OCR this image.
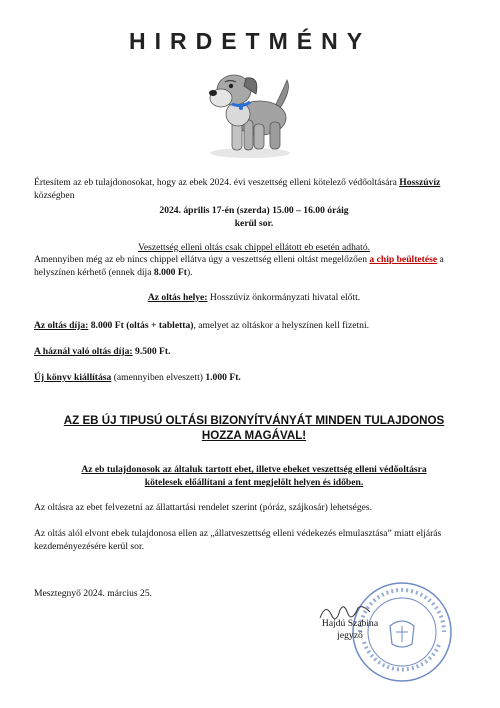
HIRDETMÉNY
Értesítem az eb tulajdonosokat, hogy az ebek 2024. évi veszettség elleni kötelező védőoltására Hosszúvíz községben
2024. április 17-én (szerda) 15.00 – 16.00 óráig
kerül sor.
Veszettség elleni oltás csak chippel ellátott eb esetén adható.
Amennyiben még az eb nincs chippel ellátva úgy a veszettség elleni oltást megelőzően a chip beültetése a helyszínen kérhető (ennek díja 8.000 Ft).
Az oltás helye: Hosszúvíz önkormányzati hivatal előtt.
Az oltás díja: 8.000 Ft (oltás + tabletta), amelyet az oltáskor a helyszínen kell fizetni.
A háznál való oltás díja: 9.500 Ft.
Új könyv kiállítása (amennyiben elveszett) 1.000 Ft.
AZ EB ÚJ TIPUSÚ OLTÁSI BIZONYÍTVÁNYÁT MINDEN TULAJDONOS
HOZZA MAGÁVAL!
Az eb tulajdonosok az általuk tartott ebet, illetve ebeket veszettség elleni védőoltásra
kötelesek előállítani a fent megjelölt helyen és időben.
Az oltásra az ebet felvezetni az állattartási rendelet szerint (póráz, szájkosár) lehetséges.
Az oltás alól elvont ebek tulajdonosa ellen az „állatveszettség elleni védekezés elmulasztása” miatt eljárás kezdeményezésére kerül sor.
Mesztegnyő 2024. március 25.
Hajdú Szabina
jegyző
